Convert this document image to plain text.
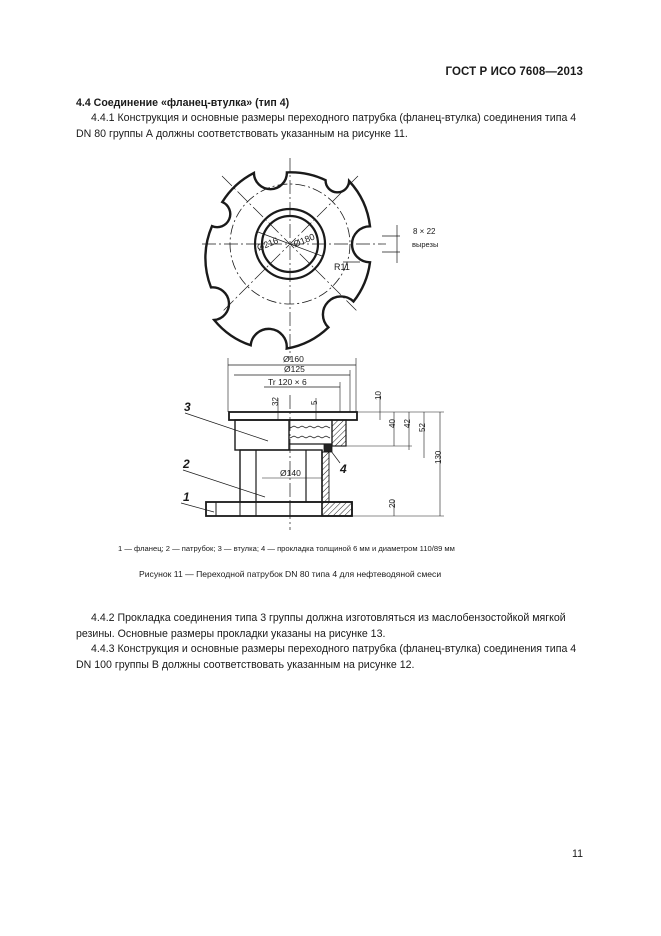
ГОСТ Р ИСО 7608—2013
4.4 Соединение «фланец-втулка» (тип 4)
4.4.1 Конструкция и основные размеры переходного патрубка (фланец-втулка) соединения типа 4 DN 80 группы А должны соответствовать указанным на рисунке 11.
Ø216 Ø180
R11
8 × 22
вырезы
Ø160
Ø125
Tr 120 × 6
Ø140
32	5
10
40 42 52
130
20
3
2
1
4
1 — фланец; 2 — патрубок; 3 — втулка; 4 — прокладка толщиной 6 мм и диаметром 110/89 мм
Рисунок 11 — Переходной патрубок DN 80 типа 4 для нефтеводяной смеси
4.4.2 Прокладка соединения типа 3 группы должна изготовляться из маслобензостойкой мягкой резины. Основные размеры прокладки указаны на рисунке 13.
4.4.3 Конструкция и основные размеры переходного патрубка (фланец-втулка) соединения типа 4 DN 100 группы В должны соответствовать указанным на рисунке 12.
11
